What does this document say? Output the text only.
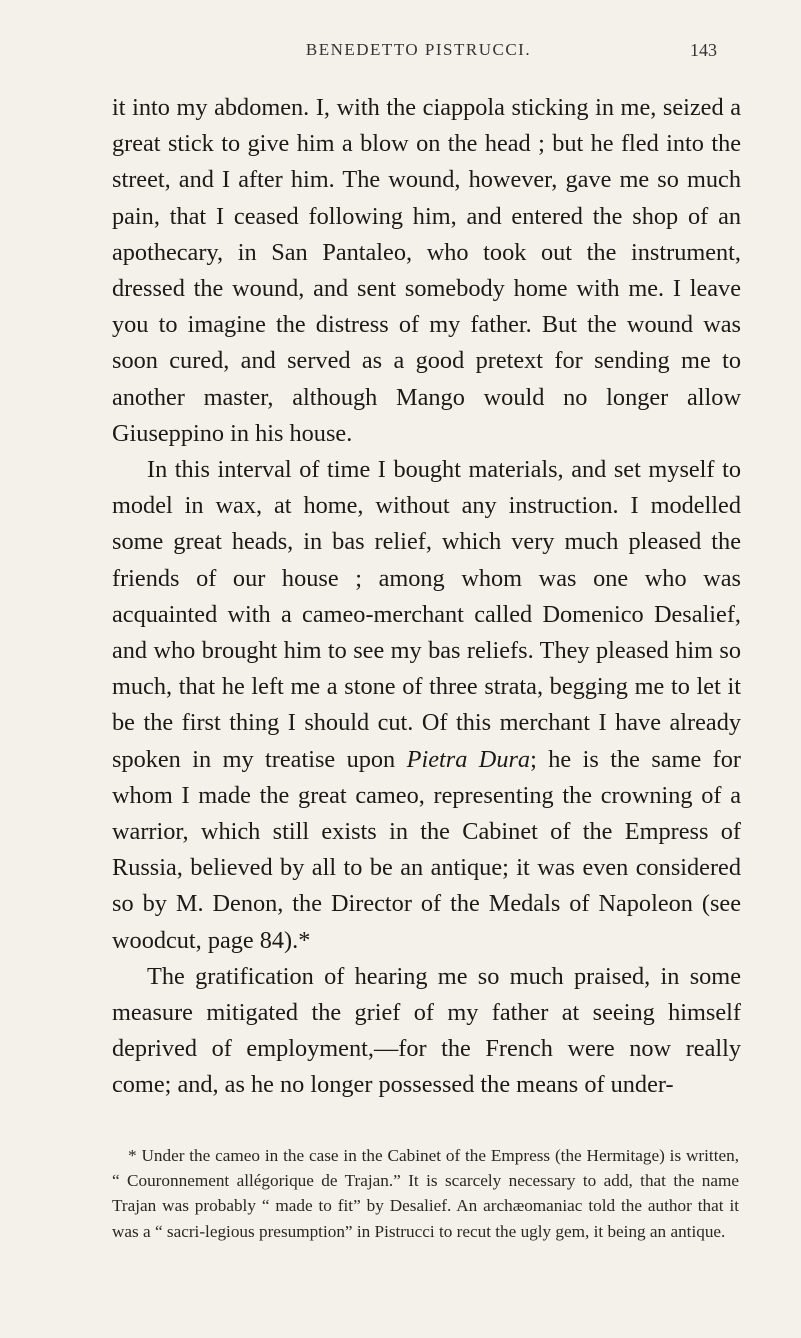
BENEDETTO PISTRUCCI.	143

it into my abdomen. I, with the ciappola sticking in me, seized a great stick to give him a blow on the head ; but he fled into the street, and I after him. The wound, however, gave me so much pain, that I ceased following him, and entered the shop of an apothecary, in San Pantaleo, who took out the instrument, dressed the wound, and sent somebody home with me. I leave you to imagine the distress of my father. But the wound was soon cured, and served as a good pretext for sending me to another master, although Mango would no longer allow Giuseppino in his house.

In this interval of time I bought materials, and set myself to model in wax, at home, without any instruction. I modelled some great heads, in bas relief, which very much pleased the friends of our house ; among whom was one who was acquainted with a cameo-merchant called Domenico Desalief, and who brought him to see my bas reliefs. They pleased him so much, that he left me a stone of three strata, begging me to let it be the first thing I should cut. Of this merchant I have already spoken in my treatise upon Pietra Dura; he is the same for whom I made the great cameo, representing the crowning of a warrior, which still exists in the Cabinet of the Empress of Russia, believed by all to be an antique; it was even considered so by M. Denon, the Director of the Medals of Napoleon (see woodcut, page 84).*

The gratification of hearing me so much praised, in some measure mitigated the grief of my father at seeing himself deprived of employment,—for the French were now really come; and, as he no longer possessed the means of under-

* Under the cameo in the case in the Cabinet of the Empress (the Hermitage) is written, “ Couronnement allégorique de Trajan.” It is scarcely necessary to add, that the name Trajan was probably “ made to fit” by Desalief. An archæomaniac told the author that it was a “ sacri-legious presumption” in Pistrucci to recut the ugly gem, it being an antique.
